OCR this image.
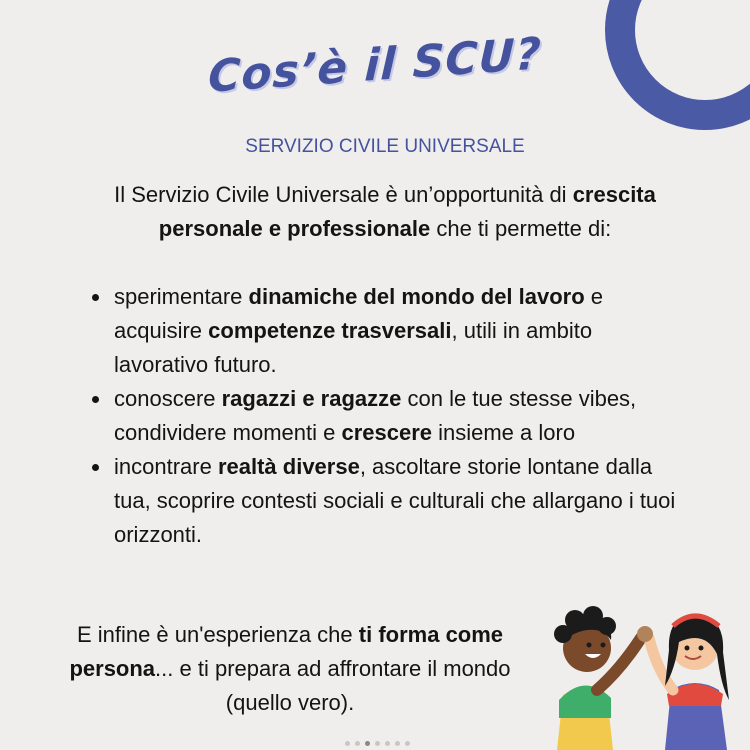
Cos’è il SCU?
SERVIZIO CIVILE UNIVERSALE
Il Servizio Civile Universale è un’opportunità di crescita personale e professionale che ti permette di:
sperimentare dinamiche del mondo del lavoro e acquisire competenze trasversali, utili in ambito lavorativo futuro.
conoscere ragazzi e ragazze con le tue stesse vibes, condividere momenti e crescere insieme a loro
incontrare realtà diverse, ascoltare storie lontane dalla tua, scoprire contesti sociali e culturali che allargano i tuoi orizzonti.
E infine è un'esperienza che ti forma come persona... e ti prepara ad affrontare il mondo (quello vero).
